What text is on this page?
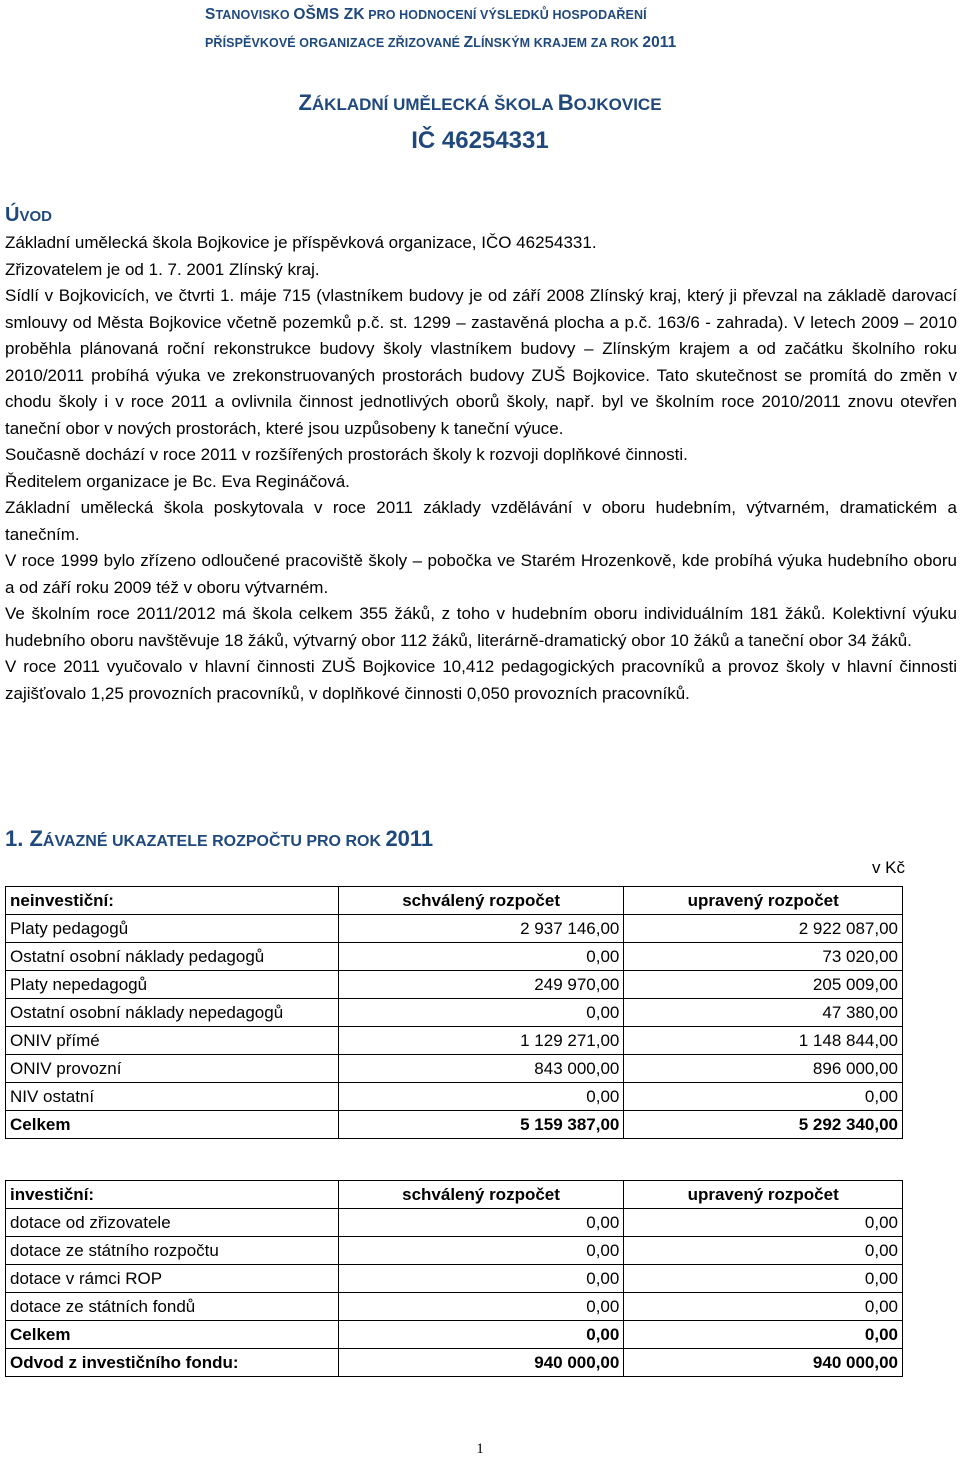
STANOVISKO OŠMS ZK PRO HODNOCENÍ VÝSLEDKŮ HOSPODAŘENÍ
PŘÍSPĚVKOVÉ ORGANIZACE ZŘIZOVANÉ ZLÍNSKÝM KRAJEM ZA ROK 2011
ZÁKLADNÍ UMĚLECKÁ ŠKOLA BOJKOVICE
IČ 46254331
ÚVOD

Základní umělecká škola Bojkovice je příspěvková organizace, IČO 46254331.

Zřizovatelem je od 1. 7. 2001 Zlínský kraj.

Sídlí v Bojkovicích, ve čtvrti 1. máje 715 (vlastníkem budovy je od září 2008 Zlínský kraj, který ji převzal na základě darovací smlouvy od Města Bojkovice včetně pozemků p.č. st. 1299 – zastavěná plocha a p.č. 163/6 - zahrada). V letech 2009 – 2010 proběhla plánovaná roční rekonstrukce budovy školy vlastníkem budovy – Zlínským krajem a od začátku školního roku 2010/2011 probíhá výuka ve zrekonstruovaných prostorách budovy ZUŠ Bojkovice. Tato skutečnost se promítá do změn v chodu školy i v roce 2011 a ovlivnila činnost jednotlivých oborů školy, např. byl ve školním roce 2010/2011 znovu otevřen taneční obor v nových prostorách, které jsou uzpůsobeny k taneční výuce.

Současně dochází v roce 2011 v rozšířených prostorách školy k rozvoji doplňkové činnosti.

Ředitelem organizace je Bc. Eva Regináčová.

Základní umělecká škola poskytovala v roce 2011 základy vzdělávání v oboru hudebním, výtvarném, dramatickém a tanečním.

V roce 1999 bylo zřízeno odloučené pracoviště školy – pobočka ve Starém Hrozenkově, kde probíhá výuka hudebního oboru a od září roku 2009 též v oboru výtvarném.

Ve školním roce 2011/2012 má škola celkem 355 žáků, z toho v hudebním oboru individuálním 181 žáků. Kolektivní výuku hudebního oboru navštěvuje 18 žáků, výtvarný obor 112 žáků, literárně-dramatický obor 10 žáků a taneční obor 34 žáků.

V roce 2011 vyučovalo v hlavní činnosti ZUŠ Bojkovice 10,412 pedagogických pracovníků a provoz školy v hlavní činnosti zajišťovalo 1,25 provozních pracovníků, v doplňkové činnosti 0,050 provozních pracovníků.

1. ZÁVAZNÉ UKAZATELE ROZPOČTU PRO ROK 2011
v Kč
neinvestiční:	schválený rozpočet	upravený rozpočet
Platy pedagogů	2 937 146,00	2 922 087,00
Ostatní osobní náklady pedagogů	0,00	73 020,00
Platy nepedagogů	249 970,00	205 009,00
Ostatní osobní náklady nepedagogů	0,00	47 380,00
ONIV přímé	1 129 271,00	1 148 844,00
ONIV provozní	843 000,00	896 000,00
NIV ostatní	0,00	0,00
Celkem	5 159 387,00	5 292 340,00
investiční:	schválený rozpočet	upravený rozpočet
dotace od zřizovatele	0,00	0,00
dotace ze státního rozpočtu	0,00	0,00
dotace v rámci ROP	0,00	0,00
dotace ze státních fondů	0,00	0,00
Celkem	0,00	0,00
Odvod z investičního fondu:	940 000,00	940 000,00
1
